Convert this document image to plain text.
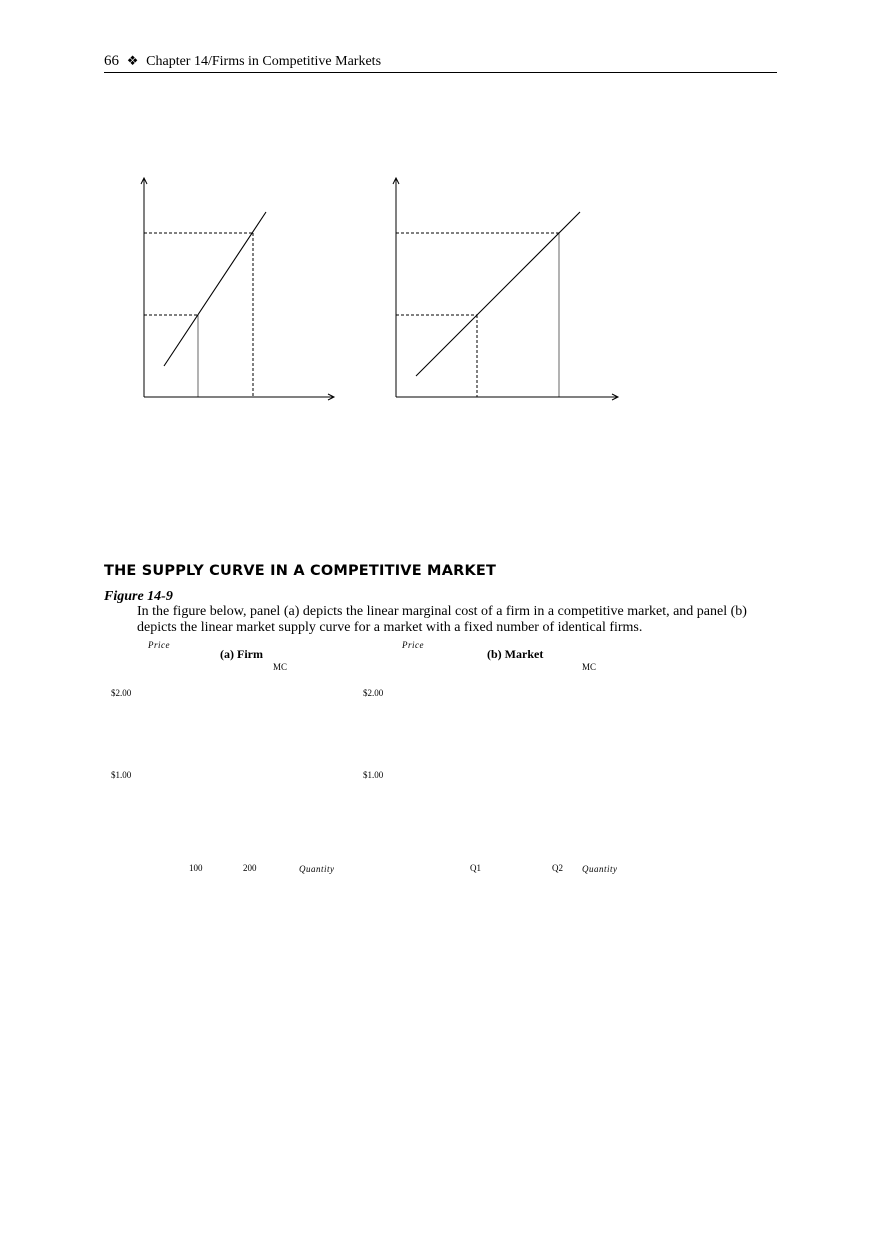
66 ❖ Chapter 14/Firms in Competitive Markets
THE SUPPLY CURVE IN A COMPETITIVE MARKET
Figure 14-9
In the figure below, panel (a) depicts the linear marginal cost of a firm in a competitive market, and panel (b) depicts the linear market supply curve for a market with a fixed number of identical firms.
Price
(a) Firm
MC
$2.00
$1.00
100	200	Quantity
Price
(b) Market
MC
$2.00
$1.00
Q1	Q2 Quantity
